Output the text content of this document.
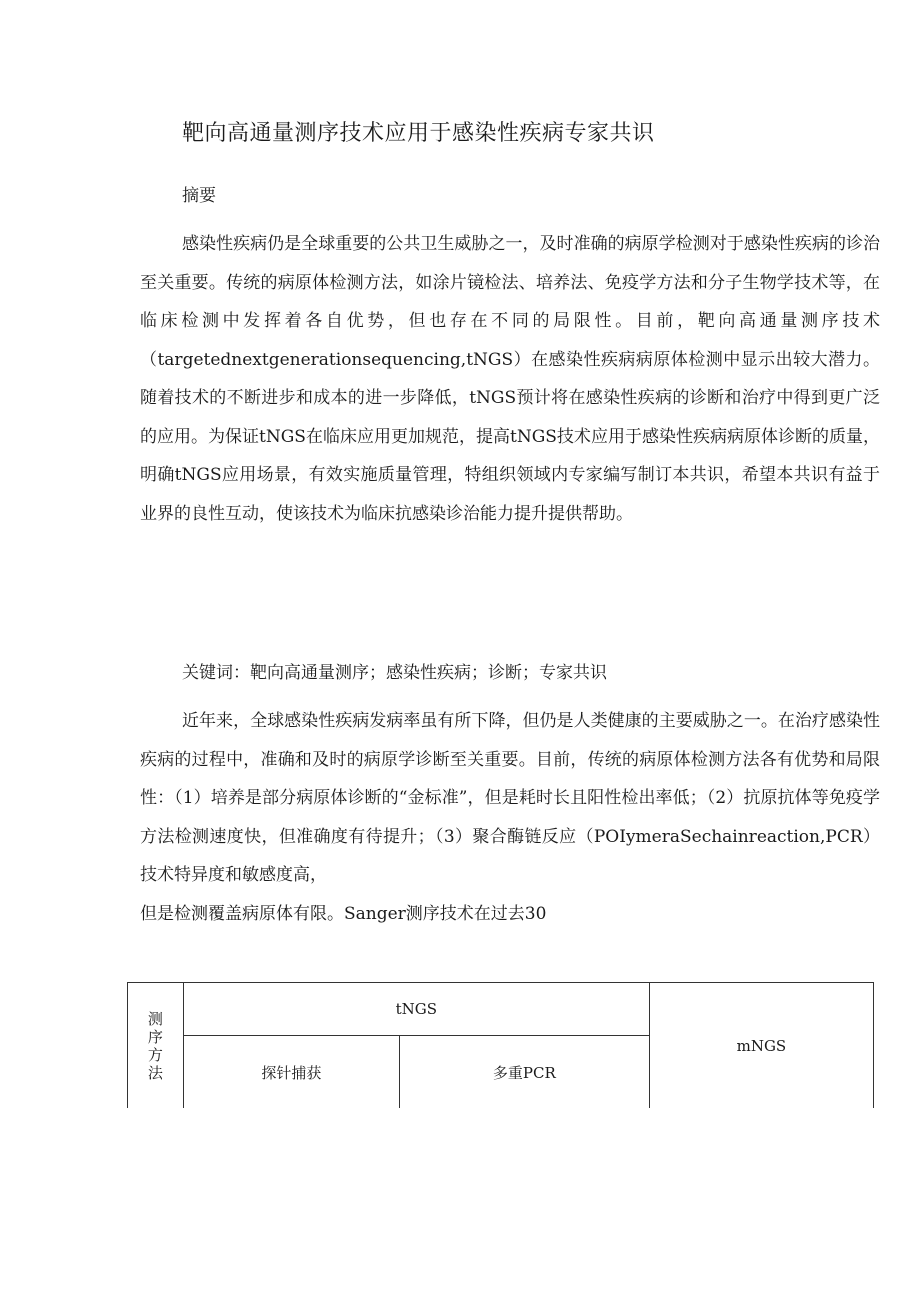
靶向高通量测序技术应用于感染性疾病专家共识
摘要

感染性疾病仍是全球重要的公共卫生威胁之一，及时准确的病原学检测对于感染性疾病的诊治至关重要。传统的病原体检测方法，如涂片镜检法、培养法、免疫学方法和分子生物学技术等，在临床检测中发挥着各自优势，但也存在不同的局限性。目前，靶向高通量测序技术（targetednextgenerationsequencing,tNGS）在感染性疾病病原体检测中显示出较大潜力。随着技术的不断进步和成本的进一步降低，tNGS预计将在感染性疾病的诊断和治疗中得到更广泛的应用。为保证tNGS在临床应用更加规范，提高tNGS技术应用于感染性疾病病原体诊断的质量，明确tNGS应用场景，有效实施质量管理，特组织领域内专家编写制订本共识，希望本共识有益于业界的良性互动，使该技术为临床抗感染诊治能力提升提供帮助。

关键词：靶向高通量测序；感染性疾病；诊断；专家共识

近年来，全球感染性疾病发病率虽有所下降，但仍是人类健康的主要威胁之一。在治疗感染性疾病的过程中，准确和及时的病原学诊断至关重要。目前，传统的病原体检测方法各有优势和局限性：（1）培养是部分病原体诊断的“金标准”，但是耗时长且阳性检出率低；（2）抗原抗体等免疫学方法检测速度快，但准确度有待提升；（3）聚合酶链反应（POIymeraSechainreaction,PCR）技术特异度和敏感度高，
但是检测覆盖病原体有限。Sanger测序技术在过去30

测序方法	tNGS		mNGS
	探针捕获	多重PCR	
